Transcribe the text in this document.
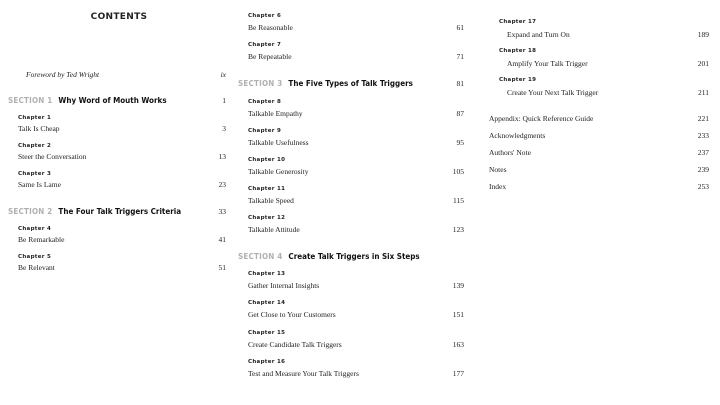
CONTENTS
Foreword by Ted Wright	ix
SECTION 1 Why Word of Mouth Works	1
Chapter 1
Talk Is Cheap	3
Chapter 2
Steer the Conversation	13
Chapter 3
Same Is Lame	23
SECTION 2 The Four Talk Triggers Criteria	33
Chapter 4
Be Remarkable	41
Chapter 5
Be Relevant	51
Chapter 6
Be Reasonable	61
Chapter 7
Be Repeatable	71
SECTION 3 The Five Types of Talk Triggers	81
Chapter 8
Talkable Empathy	87
Chapter 9
Talkable Usefulness	95
Chapter 10
Talkable Generosity	105
Chapter 11
Talkable Speed	115
Chapter 12
Talkable Attitude	123
SECTION 4 Create Talk Triggers in Six Steps
Chapter 13
Gather Internal Insights	139
Chapter 14
Get Close to Your Customers	151
Chapter 15
Create Candidate Talk Triggers	163
Chapter 16
Test and Measure Your Talk Triggers	177
Chapter 17
Expand and Turn On	189
Chapter 18
Amplify Your Talk Trigger	201
Chapter 19
Create Your Next Talk Trigger	211
Appendix: Quick Reference Guide	221
Acknowledgments	233
Authors' Note	237
Notes	239
Index	253
